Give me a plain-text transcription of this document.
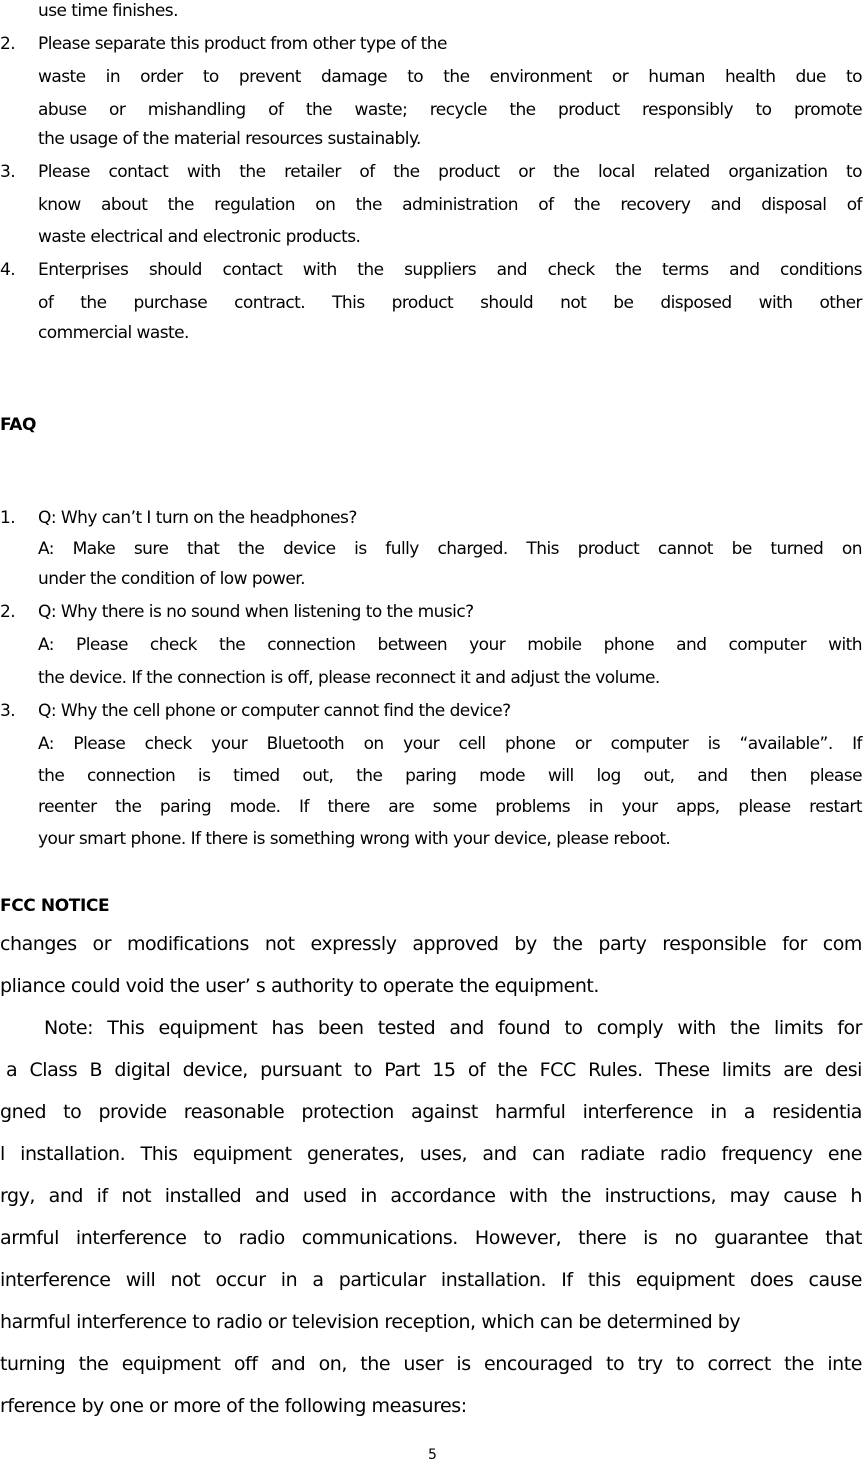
use time finishes.
2. Please separate this product from other type of the
waste in order to prevent damage to the environment or human health due to
abuse or mishandling of the waste; recycle the product responsibly to promote
the usage of the material resources sustainably.
3. Please contact with the retailer of the product or the local related organization to
know about the regulation on the administration of the recovery and disposal of
waste electrical and electronic products.
4. Enterprises should contact with the suppliers and check the terms and conditions
of the purchase contract. This product should not be disposed with other
commercial waste.
FAQ
1. Q: Why can’t I turn on the headphones?
A: Make sure that the device is fully charged. This product cannot be turned on
under the condition of low power.
2. Q: Why there is no sound when listening to the music?
A: Please check the connection between your mobile phone and computer with
the device. If the connection is off, please reconnect it and adjust the volume.
3. Q: Why the cell phone or computer cannot find the device?
A: Please check your Bluetooth on your cell phone or computer is “available”. If
the connection is timed out, the paring mode will log out, and then please
reenter the paring mode. If there are some problems in your apps, please restart
your smart phone. If there is something wrong with your device, please reboot.
FCC NOTICE
changes or modifications not expressly approved by the party responsible for com
pliance could void the user’ s authority to operate the equipment.
Note: This equipment has been tested and found to comply with the limits for
a Class B digital device, pursuant to Part 15 of the FCC Rules. These limits are desi
gned to provide reasonable protection against harmful interference in a residentia
l installation. This equipment generates, uses, and can radiate radio frequency ene
rgy, and if not installed and used in accordance with the instructions, may cause h
armful interference to radio communications. However, there is no guarantee that
interference will not occur in a particular installation. If this equipment does cause
harmful interference to radio or television reception, which can be determined by
turning the equipment off and on, the user is encouraged to try to correct the inte
rference by one or more of the following measures:
5
